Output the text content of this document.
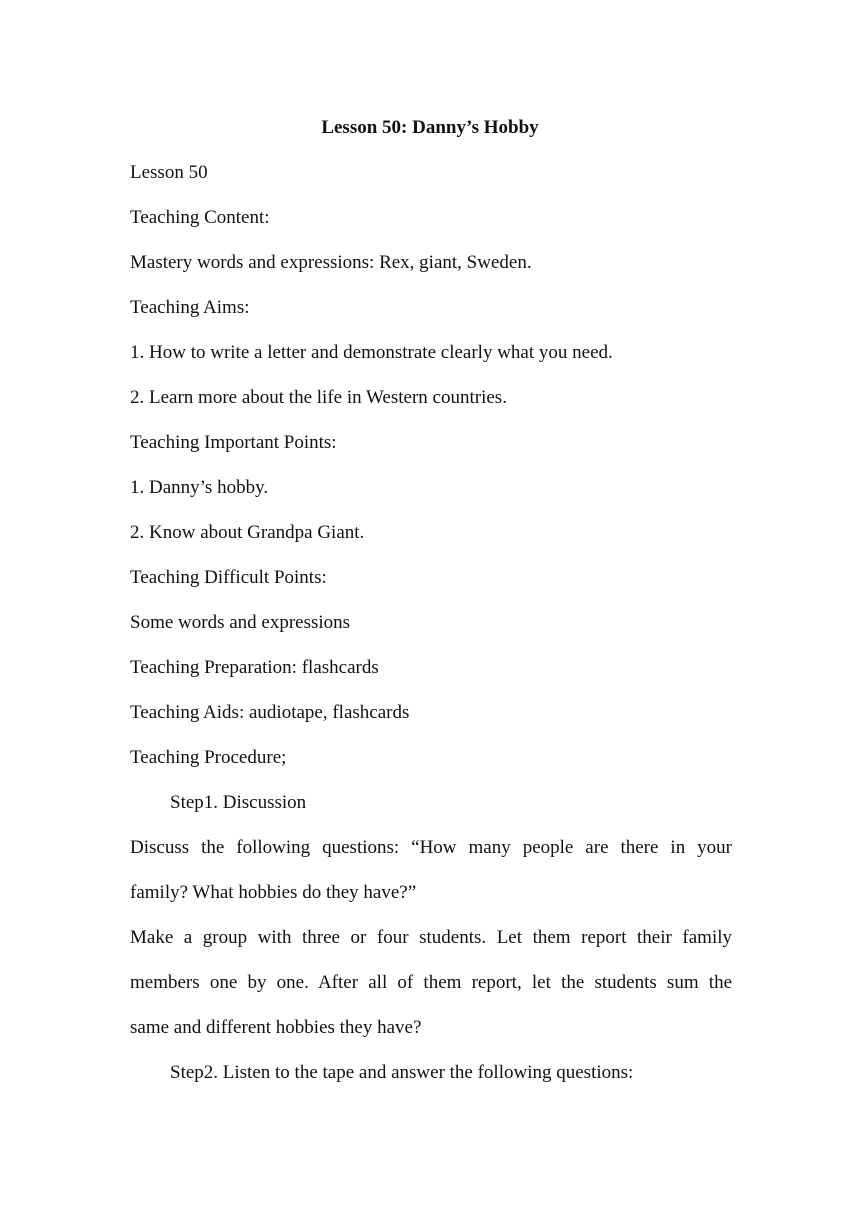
Lesson 50: Danny’s Hobby
Lesson 50
Teaching Content:
Mastery words and expressions: Rex, giant, Sweden.
Teaching Aims:
1. How to write a letter and demonstrate clearly what you need.
2. Learn more about the life in Western countries.
Teaching Important Points:
1. Danny’s hobby.
2. Know about Grandpa Giant.
Teaching Difficult Points:
Some words and expressions
Teaching Preparation: flashcards
Teaching Aids: audiotape, flashcards
Teaching Procedure;
Step1. Discussion
Discuss the following questions: “How many people are there in your
family? What hobbies do they have?”
Make a group with three or four students. Let them report their family
members one by one. After all of them report, let the students sum the
same and different hobbies they have?
Step2. Listen to the tape and answer the following questions:
